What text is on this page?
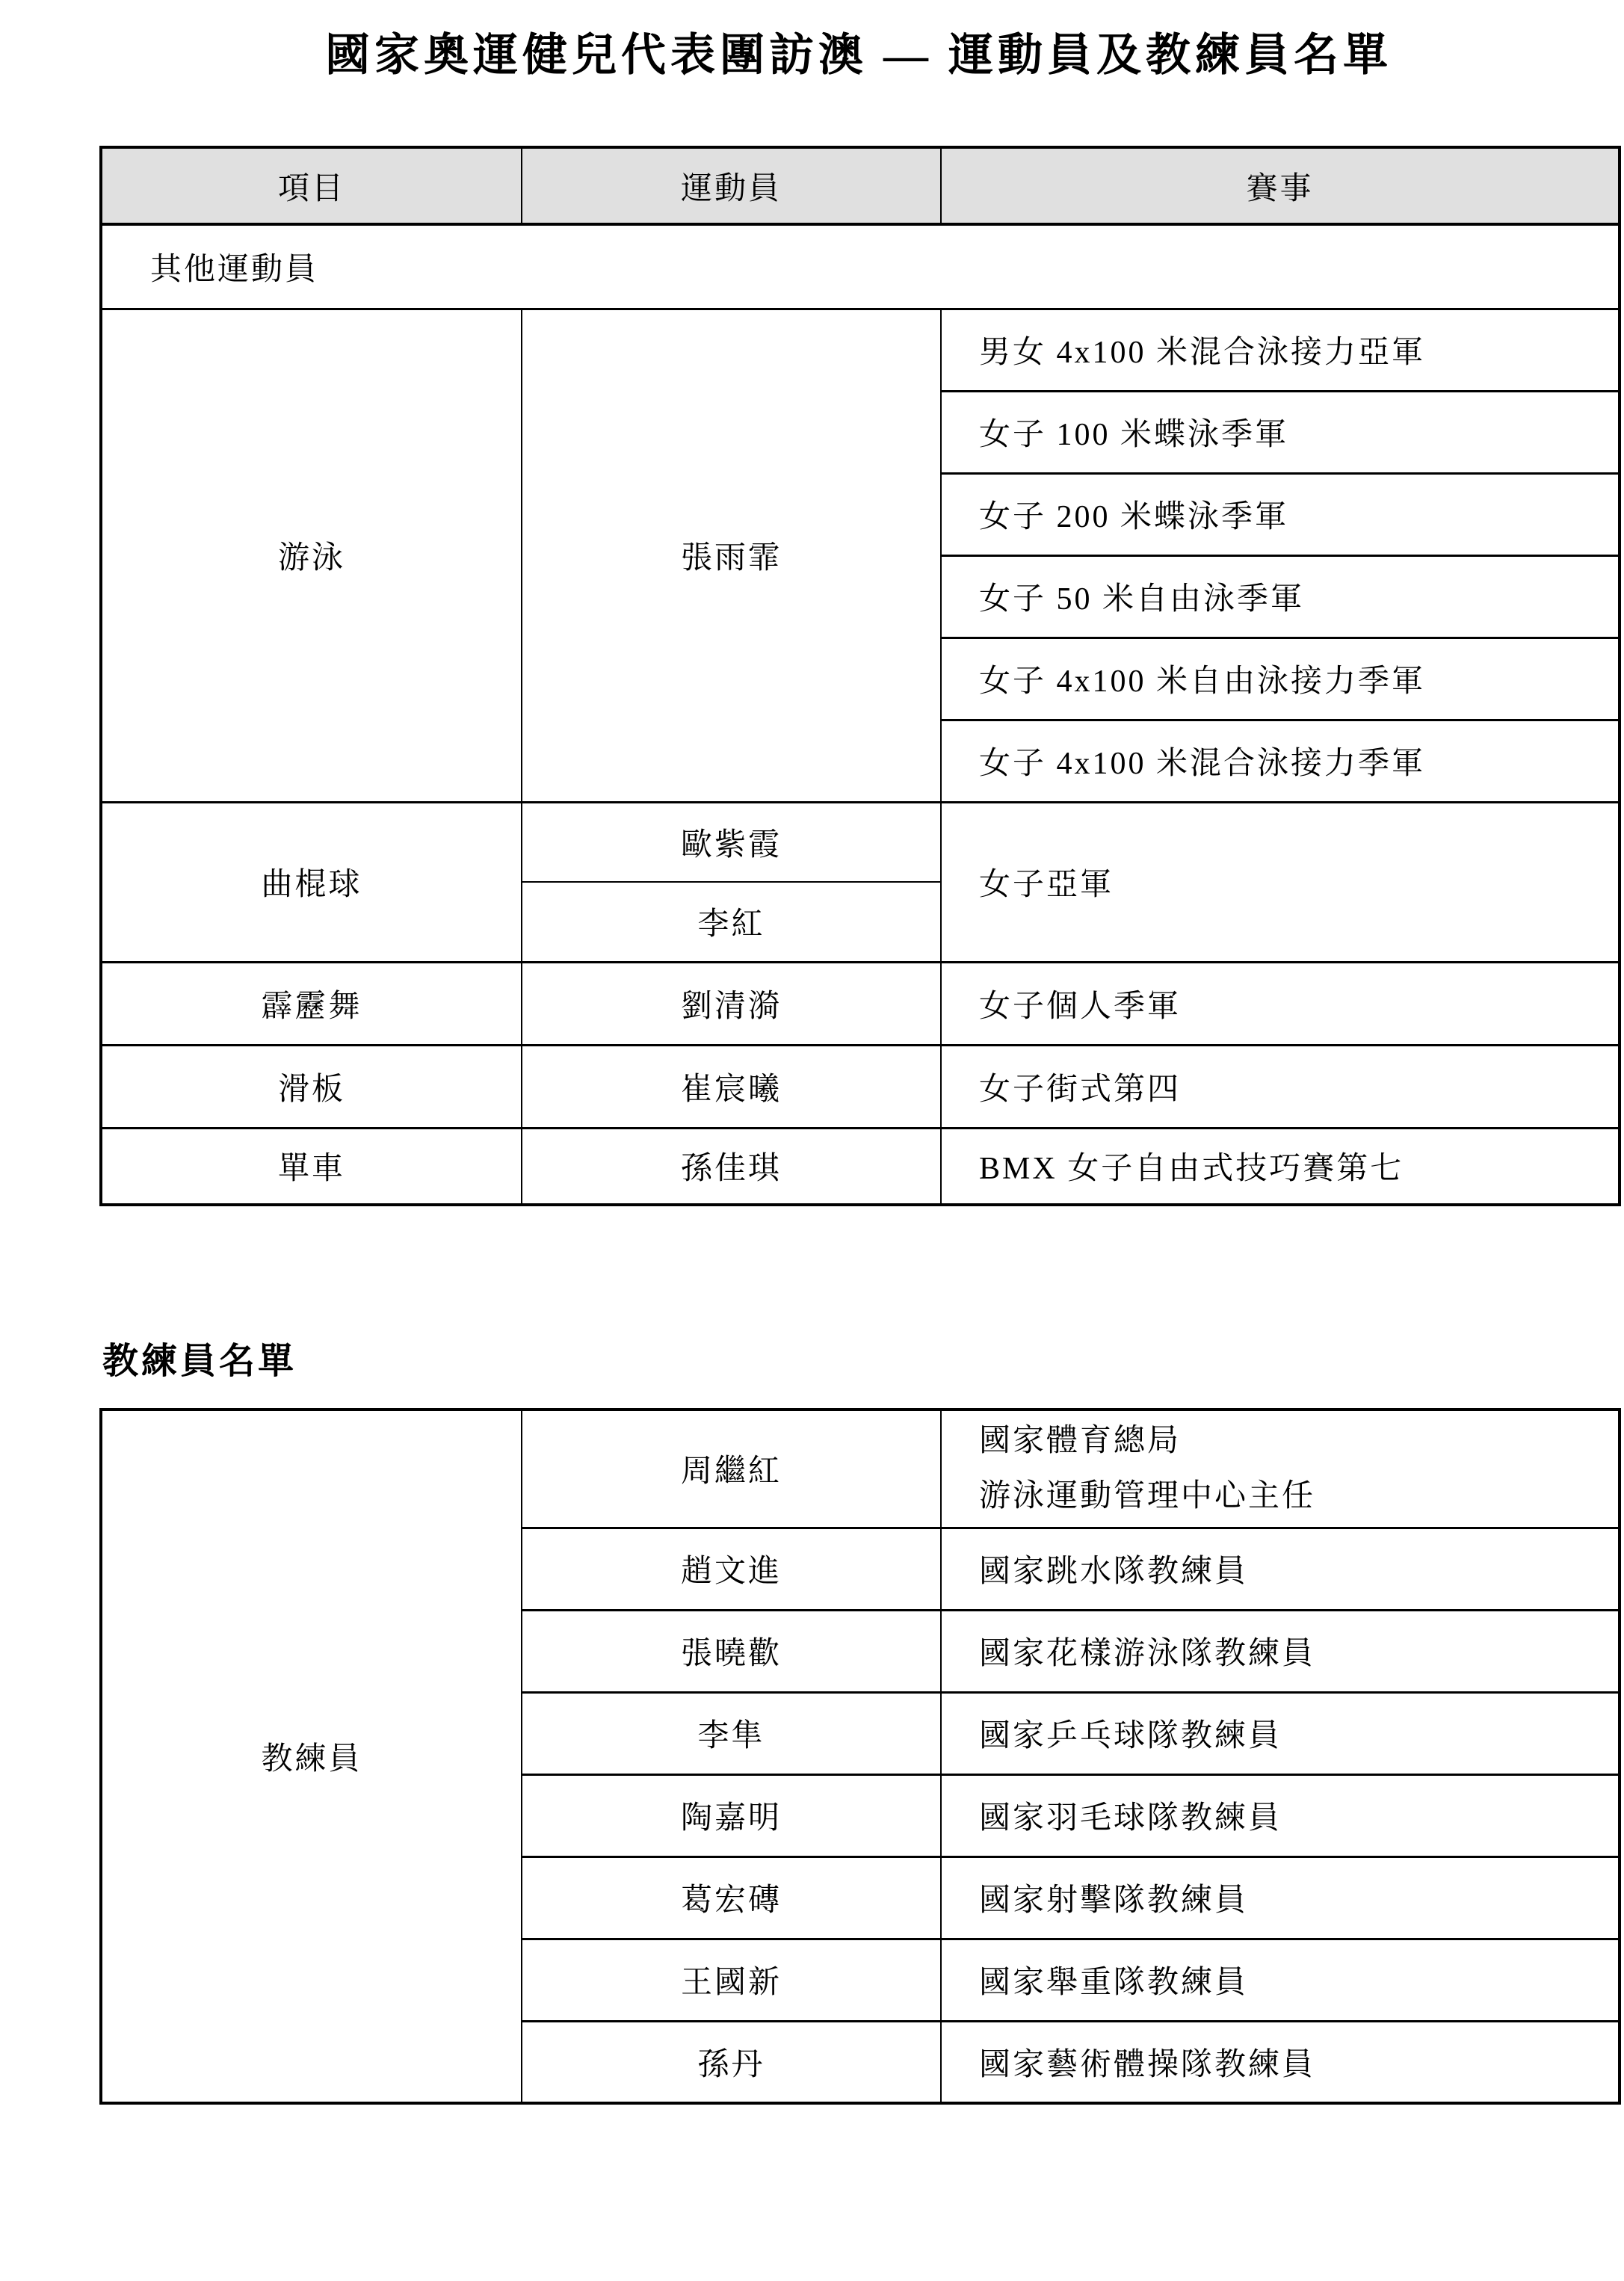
國家奧運健兒代表團訪澳 — 運動員及教練員名單
項目	運動員	賽事
其他運動員		
游泳	張雨霏	男女 4x100 米混合泳接力亞軍
		女子 100 米蝶泳季軍
		女子 200 米蝶泳季軍
		女子 50 米自由泳季軍
		女子 4x100 米自由泳接力季軍
		女子 4x100 米混合泳接力季軍
曲棍球	歐紫霞	女子亞軍
	李紅	
霹靂舞	劉清漪	女子個人季軍
滑板	崔宸曦	女子街式第四
單車	孫佳琪	BMX 女子自由式技巧賽第七
教練員名單
教練員	周繼紅	國家體育總局
游泳運動管理中心主任

	趙文進	國家跳水隊教練員
	張曉歡	國家花樣游泳隊教練員
	李隼	國家乒乓球隊教練員
	陶嘉明	國家羽毛球隊教練員
	葛宏磚	國家射擊隊教練員
	王國新	國家舉重隊教練員
	孫丹	國家藝術體操隊教練員
